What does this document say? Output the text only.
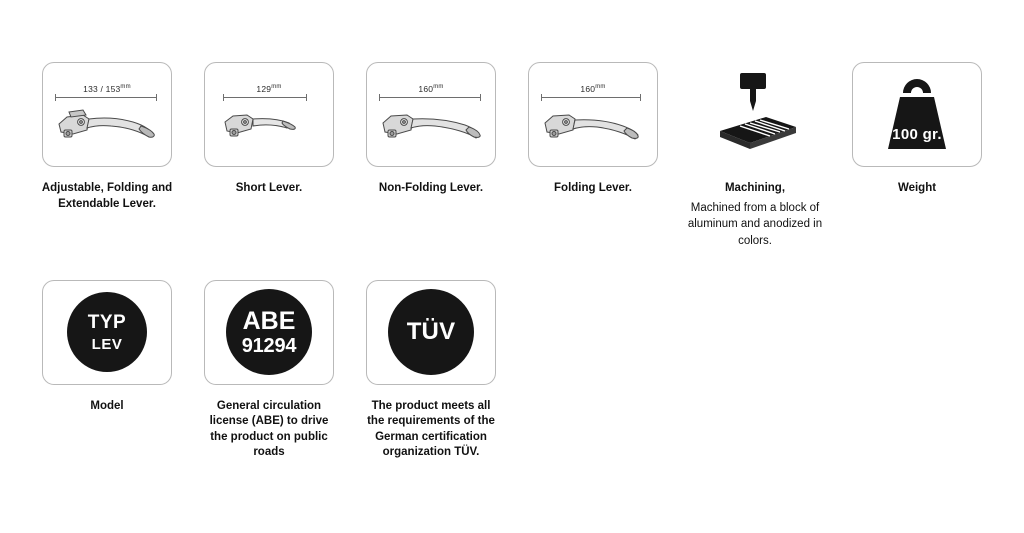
$133 / 153^{mm}$
Adjustable, Folding and Extendable Lever.
$129^{mm}$
Short Lever.
$160^{mm}$
Non-Folding Lever.
$160^{mm}$
Folding Lever.	Machining,
Machined from a block of aluminum and anodized in colors.
100 gr.
Weight
TYP
LEV
Model
ABE
91294
General circulation license (ABE) to drive the product on public roads
TÜV
The product meets all the requirements of the German certification organization TÜV.
